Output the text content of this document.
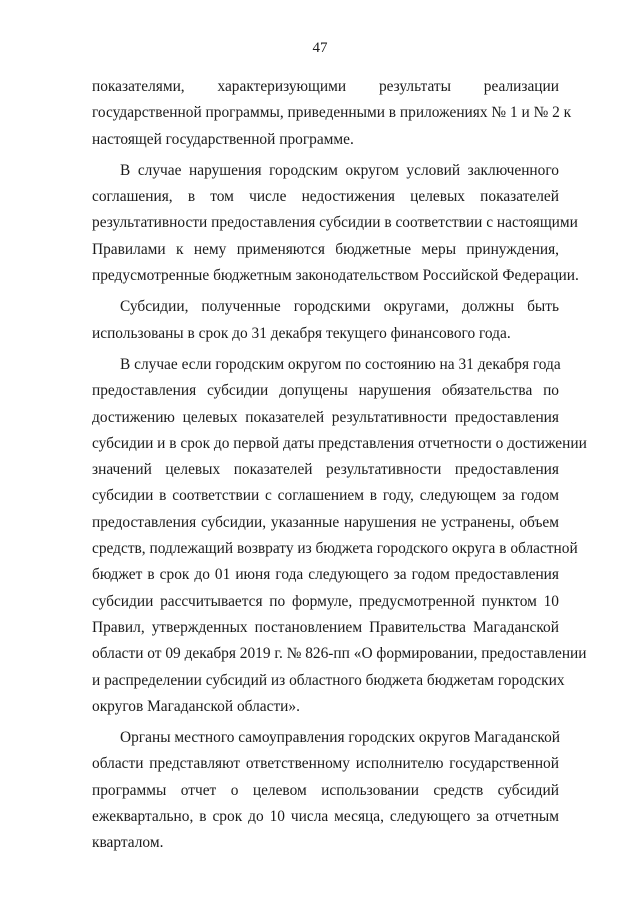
47
показателями, характеризующими результаты реализации
государственной программы, приведенными в приложениях № 1 и № 2 к
настоящей государственной программе.
В случае нарушения городским округом условий заключенного
соглашения, в том числе недостижения целевых показателей
результативности предоставления субсидии в соответствии с настоящими
Правилами к нему применяются бюджетные меры принуждения,
предусмотренные бюджетным законодательством Российской Федерации.
Субсидии, полученные городскими округами, должны быть
использованы в срок до 31 декабря текущего финансового года.
В случае если городским округом по состоянию на 31 декабря года
предоставления субсидии допущены нарушения обязательства по
достижению целевых показателей результативности предоставления
субсидии и в срок до первой даты представления отчетности о достижении
значений целевых показателей результативности предоставления
субсидии в соответствии с соглашением в году, следующем за годом
предоставления субсидии, указанные нарушения не устранены, объем
средств, подлежащий возврату из бюджета городского округа в областной
бюджет в срок до 01 июня года следующего за годом предоставления
субсидии рассчитывается по формуле, предусмотренной пунктом 10
Правил, утвержденных постановлением Правительства Магаданской
области от 09 декабря 2019 г. № 826-пп «О формировании, предоставлении
и распределении субсидий из областного бюджета бюджетам городских
округов Магаданской области».
Органы местного самоуправления городских округов Магаданской
области представляют ответственному исполнителю государственной
программы отчет о целевом использовании средств субсидий
ежеквартально, в срок до 10 числа месяца, следующего за отчетным
кварталом.
